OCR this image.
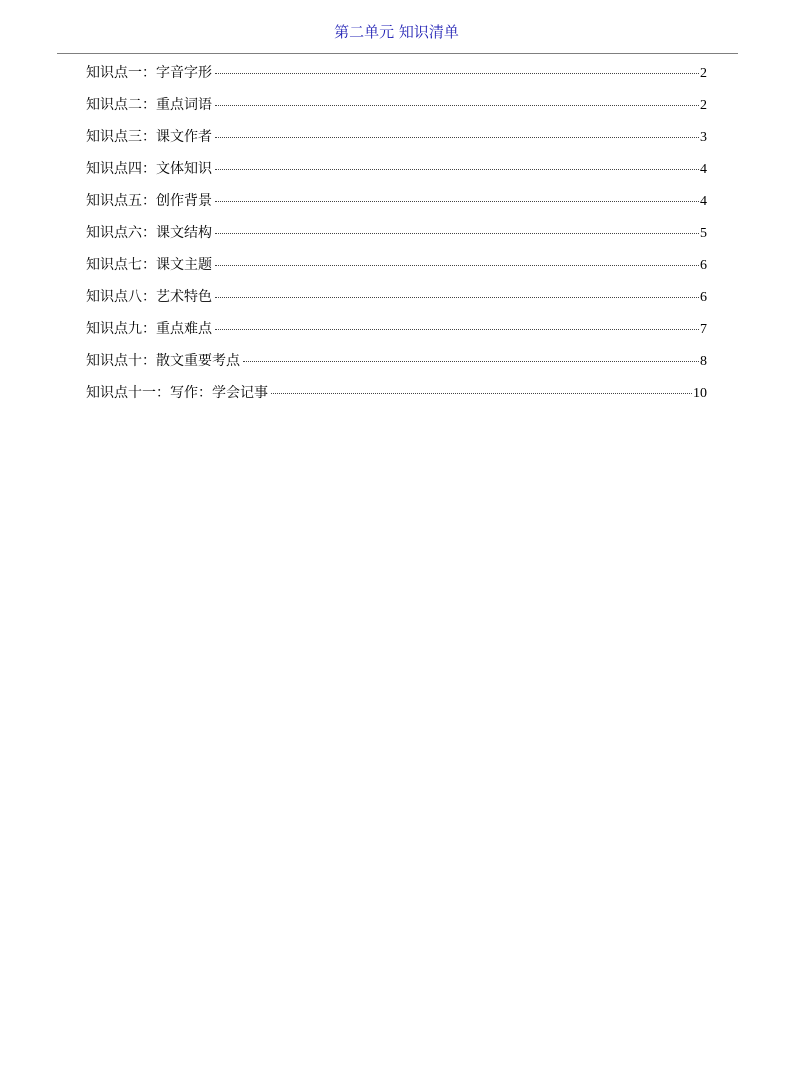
第二单元 知识清单
知识点一：字音字形	2
知识点二：重点词语	2
知识点三：课文作者	3
知识点四：文体知识	4
知识点五：创作背景	4
知识点六：课文结构	5
知识点七：课文主题	6
知识点八：艺术特色	6
知识点九：重点难点	7
知识点十：散文重要考点	8
知识点十一：写作：学会记事	10
